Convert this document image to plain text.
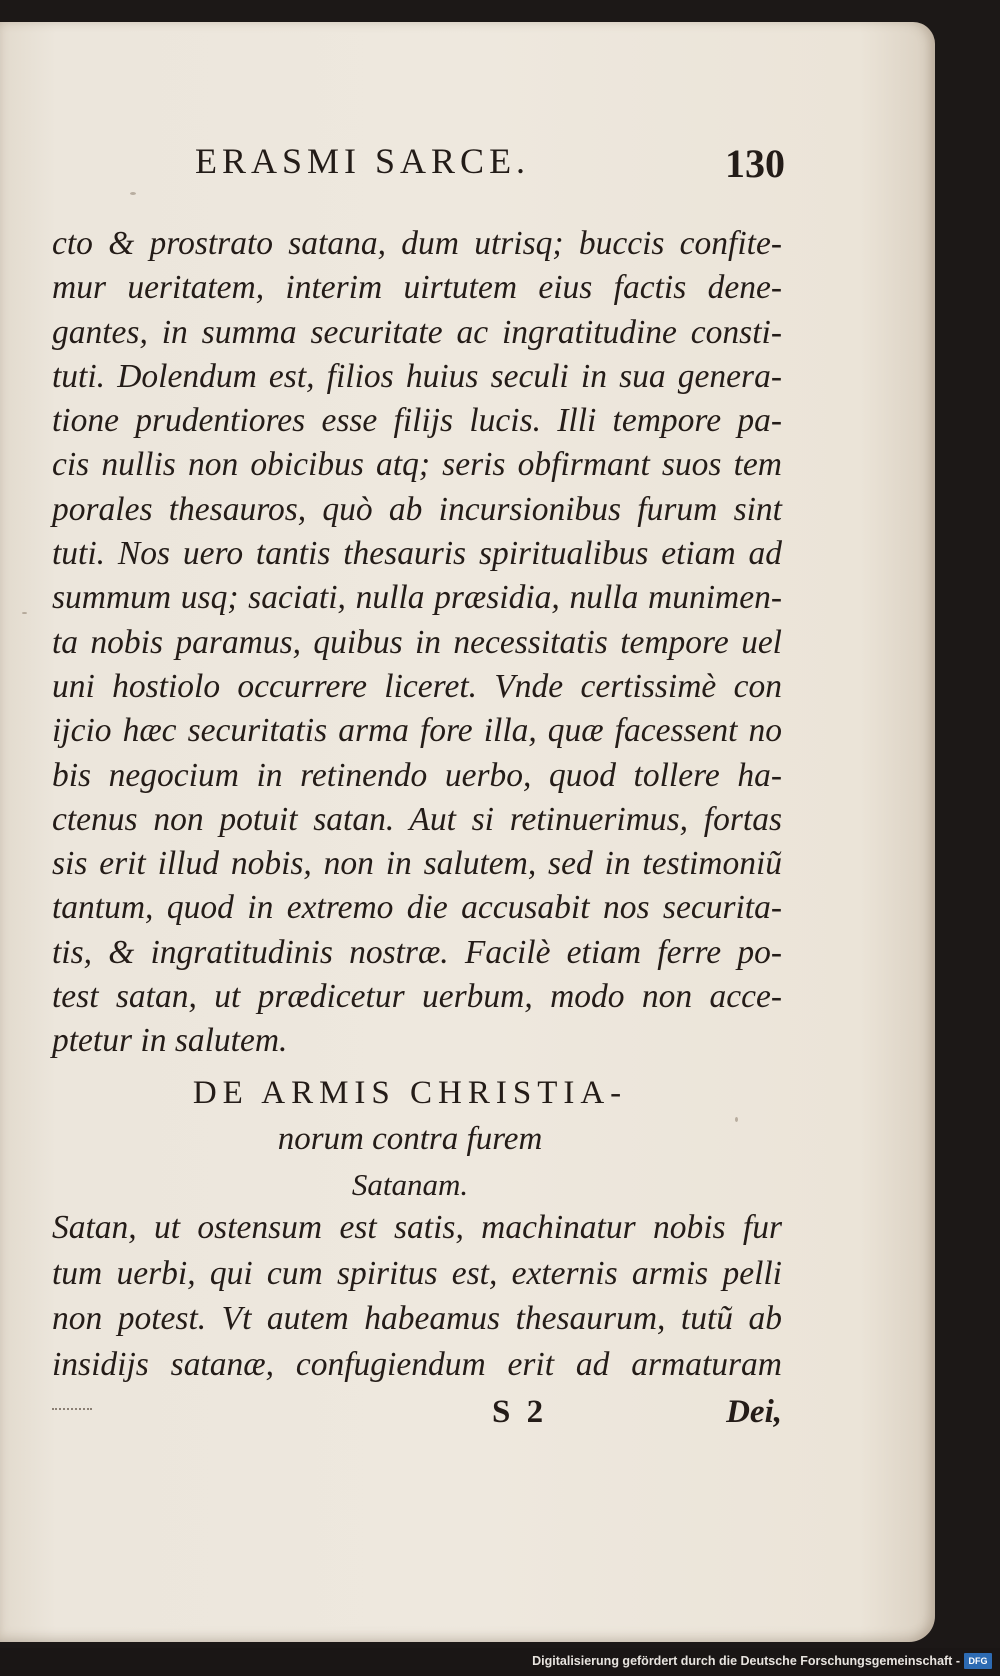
ERASMI SARCE.	130
cto & prostrato satana, dum utrisq; buccis confite-
mur ueritatem, interim uirtutem eius factis dene-
gantes, in summa securitate ac ingratitudine consti-
tuti. Dolendum est, filios huius seculi in sua genera-
tione prudentiores esse filijs lucis. Illi tempore pa-
cis nullis non obicibus atq; seris obfirmant suos tem
porales thesauros, quò ab incursionibus furum sint
tuti. Nos uero tantis thesauris spiritualibus etiam ad
summum usq; saciati, nulla præsidia, nulla munimen-
ta nobis paramus, quibus in necessitatis tempore uel
uni hostiolo occurrere liceret. Vnde certissimè con
ijcio hæc securitatis arma fore illa, quæ facessent no
bis negocium in retinendo uerbo, quod tollere ha-
ctenus non potuit satan. Aut si retinuerimus, fortas
sis erit illud nobis, non in salutem, sed in testimoniũ
tantum, quod in extremo die accusabit nos securita-
tis, & ingratitudinis nostræ. Facilè etiam ferre po-
test satan, ut prædicetur uerbum, modo non acce-
ptetur in salutem.
DE ARMIS CHRISTIA-
norum contra furem
Satanam.
Satan, ut ostensum est satis, machinatur nobis fur
tum uerbi, qui cum spiritus est, externis armis pelli
non potest. Vt autem habeamus thesaurum, tutũ ab
insidijs satanæ, confugiendum erit ad armaturam
S 2	Dei,
Digitalisierung gefördert durch die Deutsche Forschungsgemeinschaft - DFG
